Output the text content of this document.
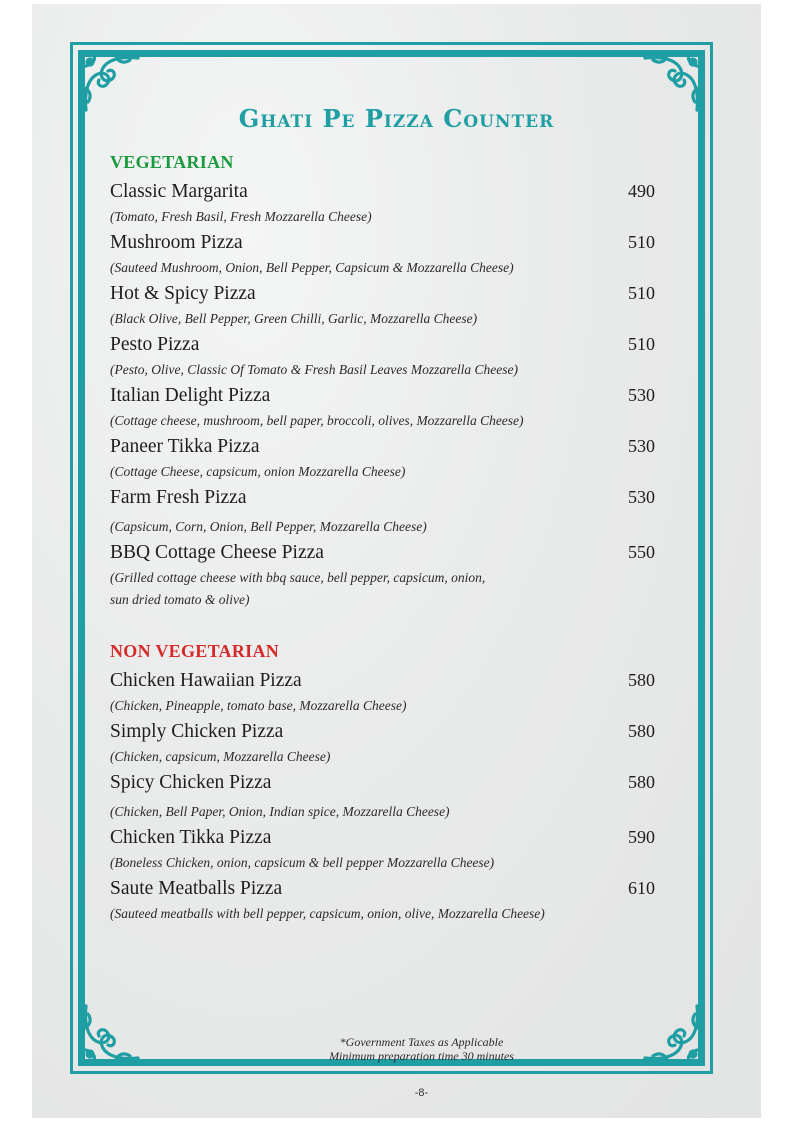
Ghati Pe Pizza Counter
VEGETARIAN
Classic Margarita	490
(Tomato, Fresh Basil, Fresh Mozzarella Cheese)
Mushroom Pizza	510
(Sauteed Mushroom, Onion, Bell Pepper, Capsicum & Mozzarella Cheese)
Hot & Spicy Pizza	510
(Black Olive, Bell Pepper, Green Chilli, Garlic, Mozzarella Cheese)
Pesto Pizza	510
(Pesto, Olive, Classic Of Tomato & Fresh Basil Leaves Mozzarella Cheese)
Italian Delight Pizza	530
(Cottage cheese, mushroom, bell paper, broccoli, olives, Mozzarella Cheese)
Paneer Tikka Pizza	530
(Cottage Cheese, capsicum, onion Mozzarella Cheese)
Farm Fresh Pizza	530
(Capsicum, Corn, Onion, Bell Pepper, Mozzarella Cheese)
BBQ Cottage Cheese Pizza	550
(Grilled cottage cheese with bbq sauce, bell pepper, capsicum, onion,
sun dried tomato & olive)
NON VEGETARIAN
Chicken Hawaiian Pizza	580
(Chicken, Pineapple, tomato base, Mozzarella Cheese)
Simply Chicken Pizza	580
(Chicken, capsicum, Mozzarella Cheese)
Spicy Chicken Pizza	580
(Chicken, Bell Paper, Onion, Indian spice, Mozzarella Cheese)
Chicken Tikka Pizza	590
(Boneless Chicken, onion, capsicum & bell pepper Mozzarella Cheese)
Saute Meatballs Pizza	610
(Sauteed meatballs with bell pepper, capsicum, onion, olive, Mozzarella Cheese)
*Government Taxes as Applicable
Minimum preparation time 30 minutes
-8-
